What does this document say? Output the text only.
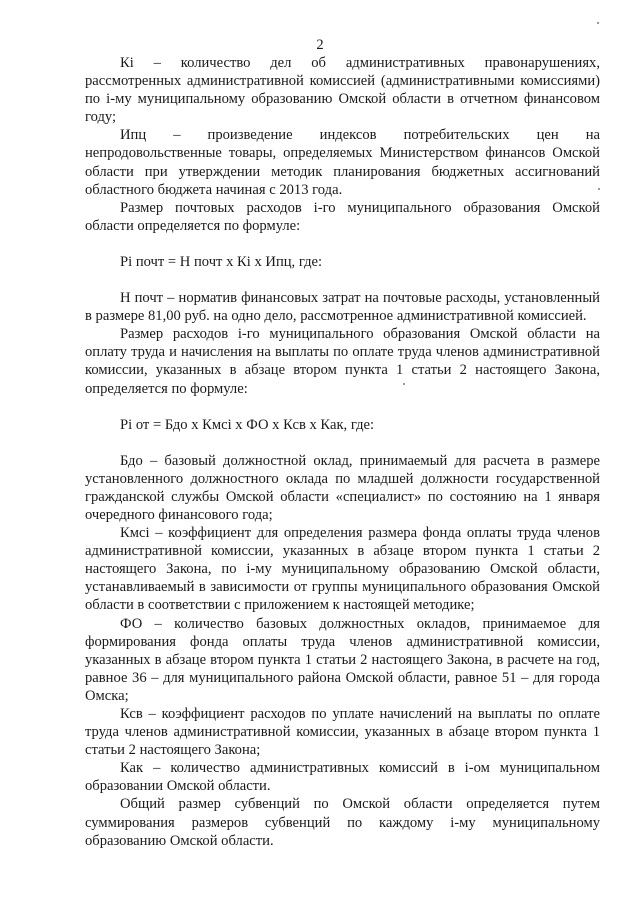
2

Кі – количество дел об административных правонарушениях, рассмотренных административной комиссией (административными комиссиями) по і-му муниципальному образованию Омской области в отчетном финансовом году;

Ипц – произведение индексов потребительских цен на непродовольственные товары, определяемых Министерством финансов Омской области при утверждении методик планирования бюджетных ассигнований областного бюджета начиная с 2013 года.

Размер почтовых расходов і-го муниципального образования Омской области определяется по формуле:

Рі почт = Н почт х Кі х Ипц, где:

Н почт – норматив финансовых затрат на почтовые расходы, установленный в размере 81,00 руб. на одно дело, рассмотренное административной комиссией.

Размер расходов і-го муниципального образования Омской области на оплату труда и начисления на выплаты по оплате труда членов административной комиссии, указанных в абзаце втором пункта 1 статьи 2 настоящего Закона, определяется по формуле:

Рі от = Бдо х Кмсі х ФО х Ксв х Как, где:

Бдо – базовый должностной оклад, принимаемый для расчета в размере установленного должностного оклада по младшей должности государственной гражданской службы Омской области «специалист» по состоянию на 1 января очередного финансового года;

Кмсі – коэффициент для определения размера фонда оплаты труда членов административной комиссии, указанных в абзаце втором пункта 1 статьи 2 настоящего Закона, по і-му муниципальному образованию Омской области, устанавливаемый в зависимости от группы муниципального образования Омской области в соответствии с приложением к настоящей методике;

ФО – количество базовых должностных окладов, принимаемое для формирования фонда оплаты труда членов административной комиссии, указанных в абзаце втором пункта 1 статьи 2 настоящего Закона, в расчете на год, равное 36 – для муниципального района Омской области, равное 51 – для города Омска;

Ксв – коэффициент расходов по уплате начислений на выплаты по оплате труда членов административной комиссии, указанных в абзаце втором пункта 1 статьи 2 настоящего Закона;

Как – количество административных комиссий в і-ом муниципальном образовании Омской области.

Общий размер субвенций по Омской области определяется путем суммирования размеров субвенций по каждому і-му муниципальному образованию Омской области.
